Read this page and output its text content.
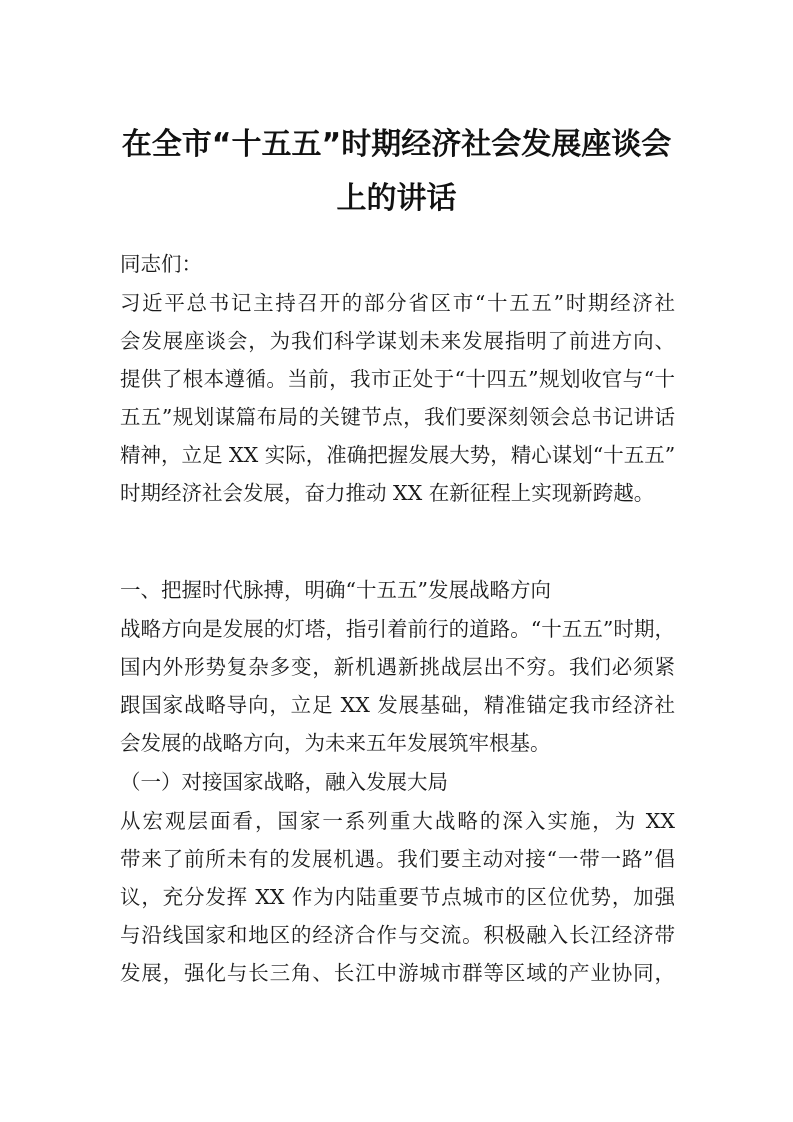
在全市“十五五”时期经济社会发展座谈会
上的讲话
同志们：
习近平总书记主持召开的部分省区市“十五五”时期经济社
会发展座谈会，为我们科学谋划未来发展指明了前进方向、
提供了根本遵循。当前，我市正处于“十四五”规划收官与“十
五五”规划谋篇布局的关键节点，我们要深刻领会总书记讲话
精神，立足 XX 实际，准确把握发展大势，精心谋划“十五五”
时期经济社会发展，奋力推动 XX 在新征程上实现新跨越。
一、把握时代脉搏，明确“十五五”发展战略方向
战略方向是发展的灯塔，指引着前行的道路。“十五五”时期，
国内外形势复杂多变，新机遇新挑战层出不穷。我们必须紧
跟国家战略导向，立足 XX 发展基础，精准锚定我市经济社
会发展的战略方向，为未来五年发展筑牢根基。
（一）对接国家战略，融入发展大局
从宏观层面看，国家一系列重大战略的深入实施，为 XX
带来了前所未有的发展机遇。我们要主动对接“一带一路”倡
议，充分发挥 XX 作为内陆重要节点城市的区位优势，加强
与沿线国家和地区的经济合作与交流。积极融入长江经济带
发展，强化与长三角、长江中游城市群等区域的产业协同，
